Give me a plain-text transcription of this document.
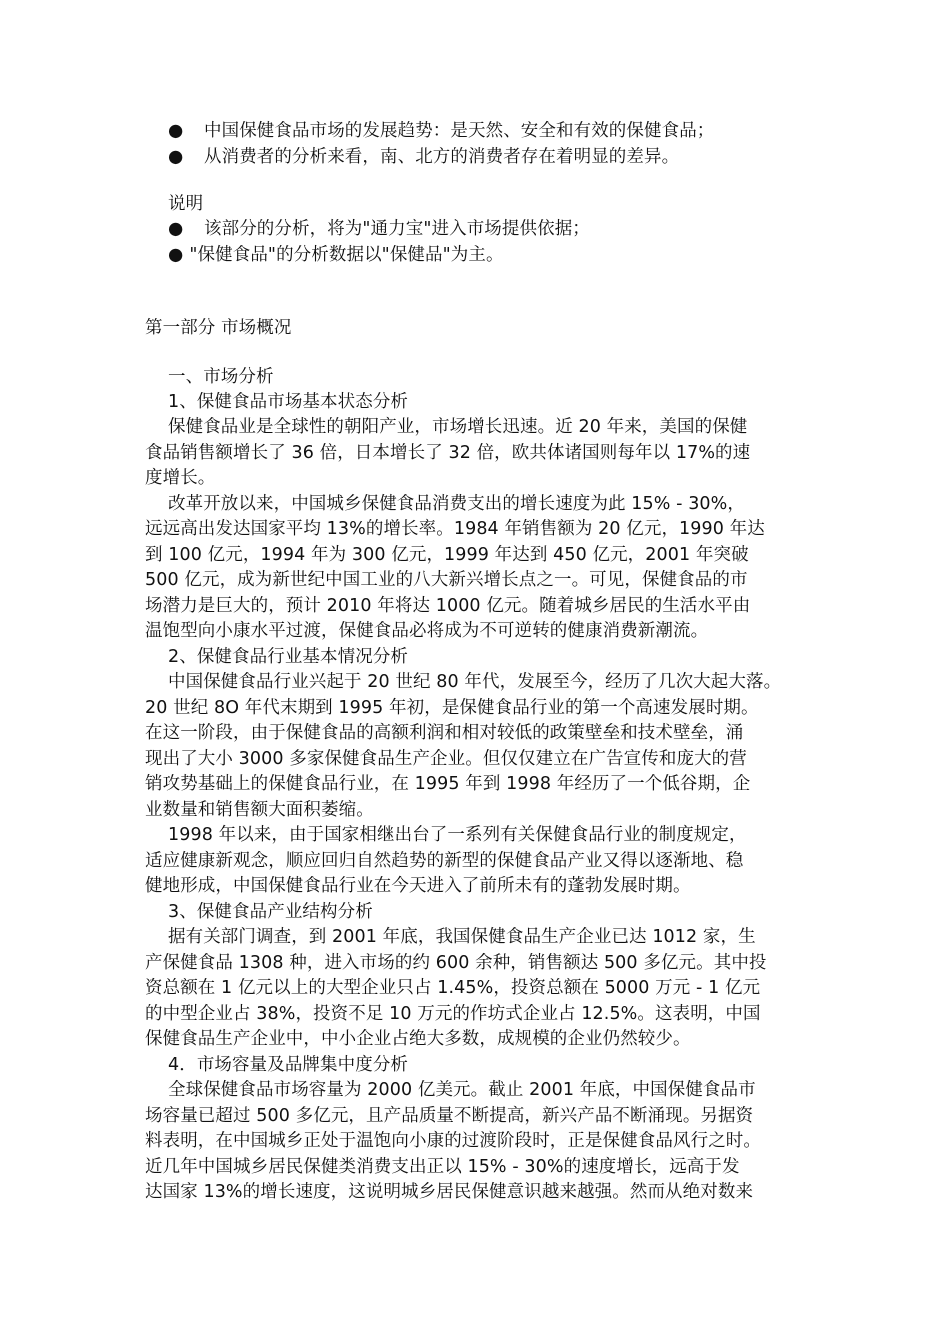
● 中国保健食品市场的发展趋势：是天然、安全和有效的保健食品；

● 从消费者的分析来看，南、北方的消费者存在着明显的差异。

说明

● 该部分的分析，将为"通力宝"进入市场提供依据；

● "保健食品"的分析数据以"保健品"为主。

第一部分 市场概况

一、市场分析

1、保健食品市场基本状态分析

保健食品业是全球性的朝阳产业，市场增长迅速。近 20 年来，美国的保健

食品销售额增长了 36 倍，日本增长了 32 倍，欧共体诸国则每年以 17%的速

度增长。

改革开放以来，中国城乡保健食品消费支出的增长速度为此 15% - 30%，

远远高出发达国家平均 13%的增长率。1984 年销售额为 20 亿元，1990 年达

到 100 亿元，1994 年为 300 亿元，1999 年达到 450 亿元，2001 年突破

500 亿元，成为新世纪中国工业的八大新兴增长点之一。可见，保健食品的市

场潜力是巨大的，预计 2010 年将达 1000 亿元。随着城乡居民的生活水平由

温饱型向小康水平过渡，保健食品必将成为不可逆转的健康消费新潮流。

2、保健食品行业基本情况分析

中国保健食品行业兴起于 20 世纪 80 年代，发展至今，经历了几次大起大落。

20 世纪 8O 年代末期到 1995 年初，是保健食品行业的第一个高速发展时期。

在这一阶段，由于保健食品的高额利润和相对较低的政策壁垒和技术壁垒，涌

现出了大小 3000 多家保健食品生产企业。但仅仅建立在广告宣传和庞大的营

销攻势基础上的保健食品行业，在 1995 年到 1998 年经历了一个低谷期，企

业数量和销售额大面积萎缩。

1998 年以来，由于国家相继出台了一系列有关保健食品行业的制度规定，

适应健康新观念，顺应回归自然趋势的新型的保健食品产业又得以逐渐地、稳

健地形成，中国保健食品行业在今天进入了前所未有的蓬勃发展时期。

3、保健食品产业结构分析

据有关部门调查，到 2001 年底，我国保健食品生产企业已达 1012 家，生

产保健食品 1308 种，进入市场的约 600 余种，销售额达 500 多亿元。其中投

资总额在 1 亿元以上的大型企业只占 1.45%，投资总额在 5000 万元 - 1 亿元

的中型企业占 38%，投资不足 10 万元的作坊式企业占 12.5%。这表明，中国

保健食品生产企业中，中小企业占绝大多数，成规模的企业仍然较少。

4．市场容量及品牌集中度分析

全球保健食品市场容量为 2000 亿美元。截止 2001 年底，中国保健食品市

场容量已超过 500 多亿元，且产品质量不断提高，新兴产品不断涌现。另据资

料表明，在中国城乡正处于温饱向小康的过渡阶段时，正是保健食品风行之时。

近几年中国城乡居民保健类消费支出正以 15% - 30%的速度增长，远高于发

达国家 13%的增长速度，这说明城乡居民保健意识越来越强。然而从绝对数来
